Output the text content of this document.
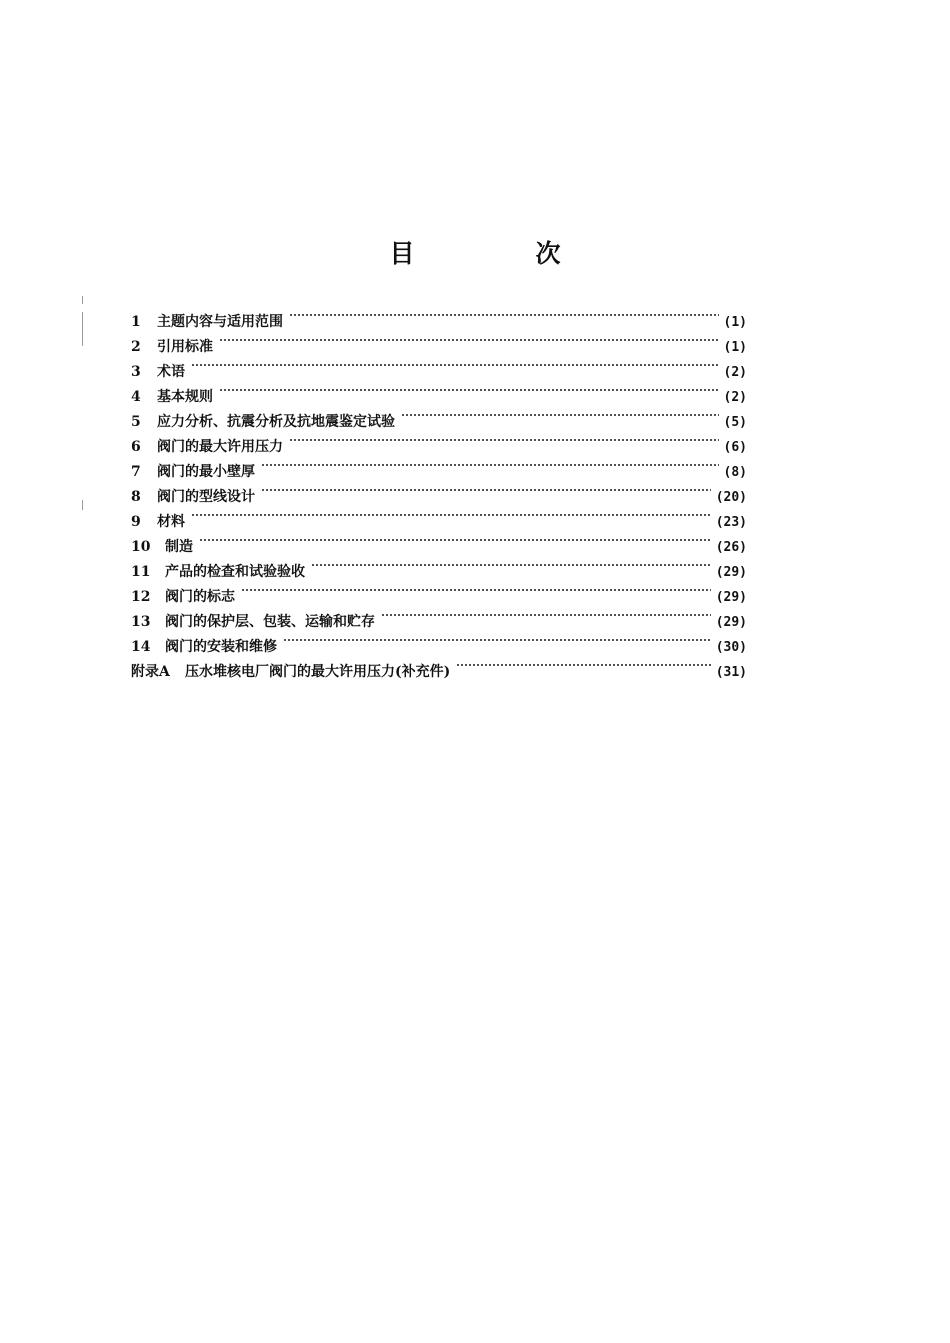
目　次
1	主题内容与适用范围	(1)
2	引用标准	(1)
3	术语	(2)
4	基本规则	(2)
5	应力分析、抗震分析及抗地震鉴定试验	(5)
6	阀门的最大许用压力	(6)
7	阀门的最小壁厚	(8)
8	阀门的型线设计	(20)
9	材料	(23)
10	制造	(26)
11	产品的检查和试验验收	(29)
12	阀门的标志	(29)
13	阀门的保护层、包装、运输和贮存	(29)
14	阀门的安装和维修	(30)
附录A	压水堆核电厂阀门的最大许用压力(补充件)	(31)
